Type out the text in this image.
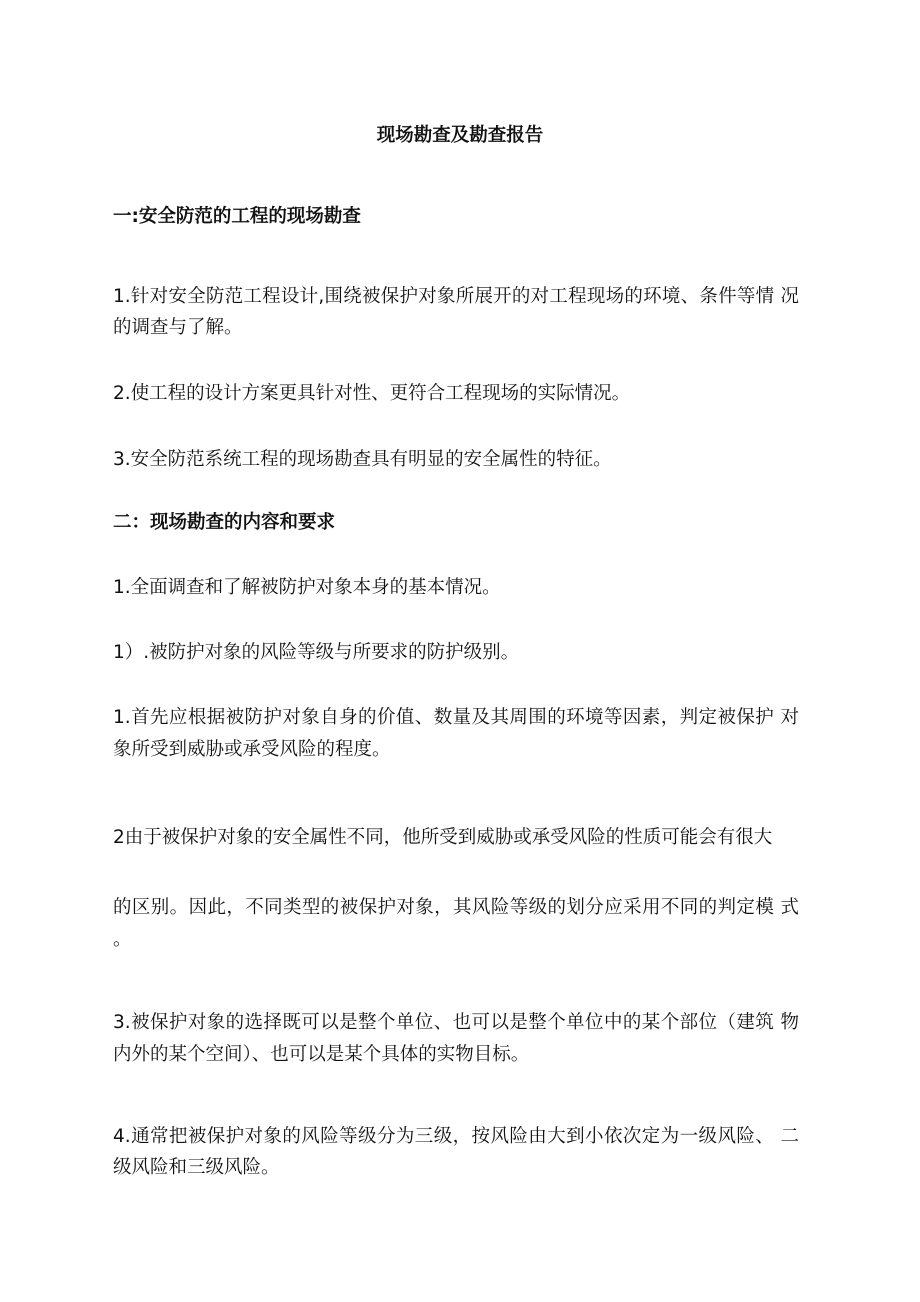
现场勘查及勘查报告
一:安全防范的工程的现场勘查
1.针对安全防范工程设计,围绕被保护对象所展开的对工程现场的环境、条件等情 况
的调查与了解。
2.使工程的设计方案更具针对性、更符合工程现场的实际情况。
3.安全防范系统工程的现场勘查具有明显的安全属性的特征。
二：现场勘查的内容和要求
1.全面调查和了解被防护对象本身的基本情况。
1）.被防护对象的风险等级与所要求的防护级别。
1.首先应根据被防护对象自身的价值、数量及其周围的环境等因素，判定被保护 对
象所受到威胁或承受风险的程度。
2由于被保护对象的安全属性不同，他所受到威胁或承受风险的性质可能会有很大
的区别。因此，不同类型的被保护对象，其风险等级的划分应采用不同的判定模 式
。
3.被保护对象的选择既可以是整个单位、也可以是整个单位中的某个部位（建筑 物
内外的某个空间）、也可以是某个具体的实物目标。
4.通常把被保护对象的风险等级分为三级，按风险由大到小依次定为一级风险、 二
级风险和三级风险。
